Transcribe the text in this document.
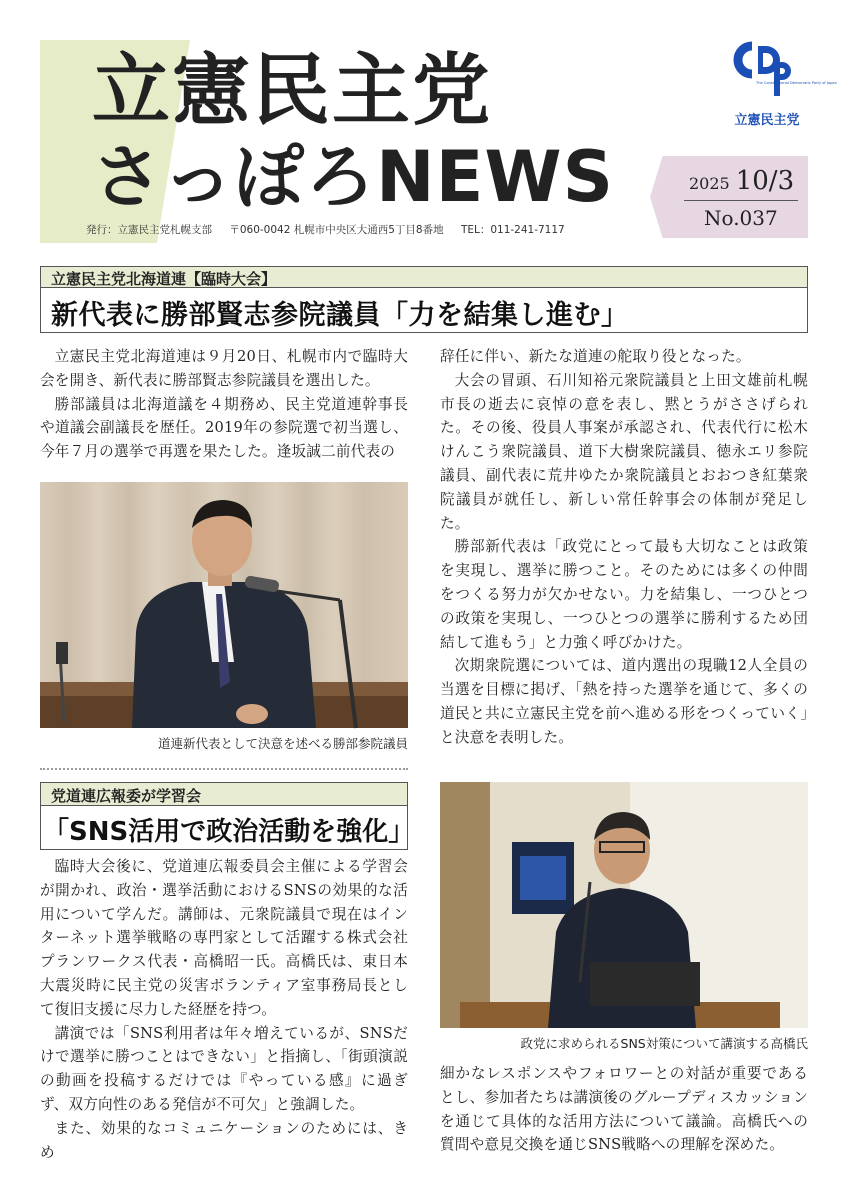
立憲民主党
さっぽろNEWS
発行：立憲民主党札幌支部 〒060-0042 札幌市中央区大通西5丁目8番地 TEL：011-241-7117
The Constitutional Democratic Party of Japan
立憲民主党
2025 10/3
No.037
立憲民主党北海道連【臨時大会】
新代表に勝部賢志参院議員「力を結集し進む」

立憲民主党北海道連は９月20日、札幌市内で臨時大会を開き、新代表に勝部賢志参院議員を選出した。

勝部議員は北海道議を４期務め、民主党道連幹事長や道議会副議長を歴任。2019年の参院選で初当選し、今年７月の選挙で再選を果たした。逢坂誠二前代表の

道連新代表として決意を述べる勝部参院議員

辞任に伴い、新たな道連の舵取り役となった。

大会の冒頭、石川知裕元衆院議員と上田文雄前札幌市長の逝去に哀悼の意を表し、黙とうがささげられた。その後、役員人事案が承認され、代表代行に松木けんこう衆院議員、道下大樹衆院議員、徳永エリ参院議員、副代表に荒井ゆたか衆院議員とおおつき紅葉衆院議員が就任し、新しい常任幹事会の体制が発足した。

勝部新代表は「政党にとって最も大切なことは政策を実現し、選挙に勝つこと。そのためには多くの仲間をつくる努力が欠かせない。力を結集し、一つひとつの政策を実現し、一つひとつの選挙に勝利するため団結して進もう」と力強く呼びかけた。

次期衆院選については、道内選出の現職12人全員の当選を目標に掲げ、「熱を持った選挙を通じて、多くの道民と共に立憲民主党を前へ進める形をつくっていく」と決意を表明した。

党道連広報委が学習会
「SNS活用で政治活動を強化」

臨時大会後に、党道連広報委員会主催による学習会が開かれ、政治・選挙活動におけるSNSの効果的な活用について学んだ。講師は、元衆院議員で現在はインターネット選挙戦略の専門家として活躍する株式会社プランワークス代表・高橋昭一氏。高橋氏は、東日本大震災時に民主党の災害ボランティア室事務局長として復旧支援に尽力した経歴を持つ。

講演では「SNS利用者は年々増えているが、SNSだけで選挙に勝つことはできない」と指摘し、「街頭演説の動画を投稿するだけでは『やっている感』に過ぎず、双方向性のある発信が不可欠」と強調した。

また、効果的なコミュニケーションのためには、きめ

政党に求められるSNS対策について講演する高橋氏

細かなレスポンスやフォロワーとの対話が重要であるとし、参加者たちは講演後のグループディスカッションを通じて具体的な活用方法について議論。高橋氏への質問や意見交換を通じSNS戦略への理解を深めた。
